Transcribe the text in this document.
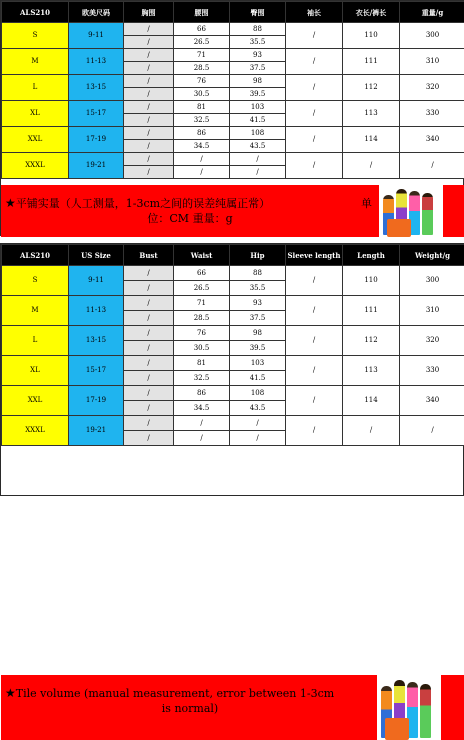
ALS210	欧美尺码	胸围	腰围	臀围	袖长	衣长/裤长	重量/g
S	9-11	/	66	88	/	110	300
		/	26.5	35.5			
M	11-13	/	71	93	/	111	310
		/	28.5	37.5			
L	13-15	/	76	98	/	112	320
		/	30.5	39.5			
XL	15-17	/	81	103	/	113	330
		/	32.5	41.5			
XXL	17-19	/	86	108	/	114	340
		/	34.5	43.5			
XXXL	19-21	/	/	/	/	/	/
		/	/	/			
★平铺实量（人工测量，1-3cm之间的误差纯属正常）
位：CM 重量：g
单
ALS210	US Size	Bust	Waist	Hip	Sleeve length	Length	Weight/g
S	9-11	/	66	88	/	110	300
		/	26.5	35.5			
M	11-13	/	71	93	/	111	310
		/	28.5	37.5			
L	13-15	/	76	98	/	112	320
		/	30.5	39.5			
XL	15-17	/	81	103	/	113	330
		/	32.5	41.5			
XXL	17-19	/	86	108	/	114	340
		/	34.5	43.5			
XXXL	19-21	/	/	/	/	/	/
		/	/	/			
★Tile volume (manual measurement, error between 1-3cm
is normal)
